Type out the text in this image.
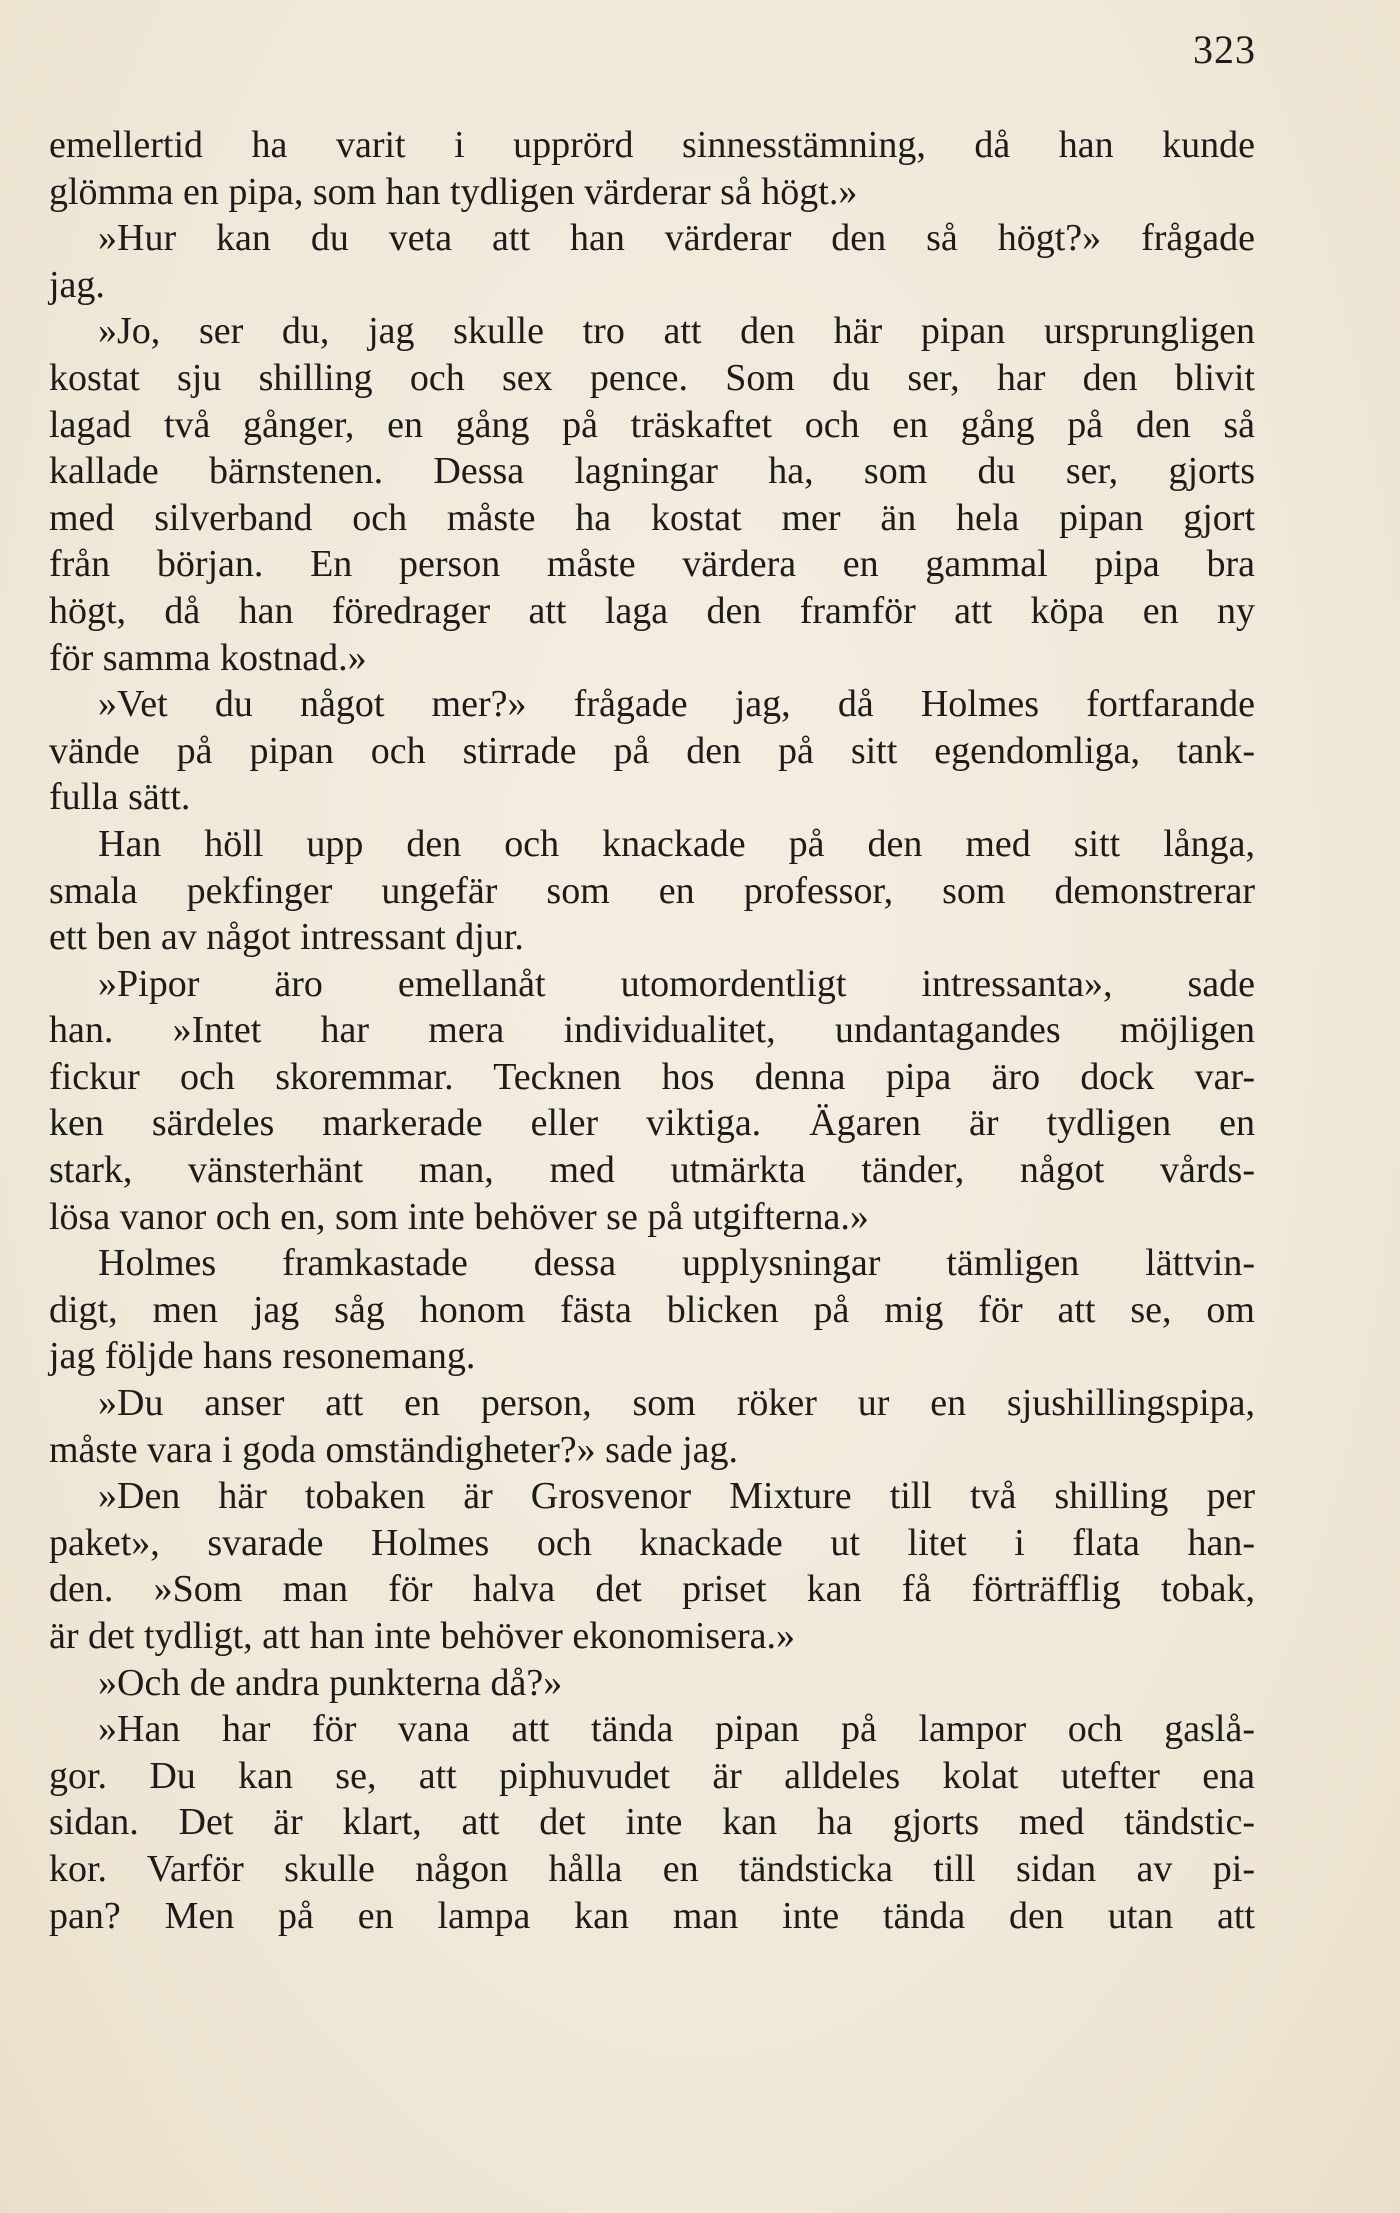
323
emellertid ha varit i upprörd sinnesstämning, då han kunde
glömma en pipa, som han tydligen värderar så högt.»
»Hur kan du veta att han värderar den så högt?» frågade
jag.
»Jo, ser du, jag skulle tro att den här pipan ursprungligen
kostat sju shilling och sex pence. Som du ser, har den blivit
lagad två gånger, en gång på träskaftet och en gång på den så
kallade bärnstenen. Dessa lagningar ha, som du ser, gjorts
med silverband och måste ha kostat mer än hela pipan gjort
från början. En person måste värdera en gammal pipa bra
högt, då han föredrager att laga den framför att köpa en ny
för samma kostnad.»
»Vet du något mer?» frågade jag, då Holmes fortfarande
vände på pipan och stirrade på den på sitt egendomliga, tank-
fulla sätt.
Han höll upp den och knackade på den med sitt långa,
smala pekfinger ungefär som en professor, som demonstrerar
ett ben av något intressant djur.
»Pipor äro emellanåt utomordentligt intressanta», sade
han. »Intet har mera individualitet, undantagandes möjligen
fickur och skoremmar. Tecknen hos denna pipa äro dock var-
ken särdeles markerade eller viktiga. Ägaren är tydligen en
stark, vänsterhänt man, med utmärkta tänder, något vårds-
lösa vanor och en, som inte behöver se på utgifterna.»
Holmes framkastade dessa upplysningar tämligen lättvin-
digt, men jag såg honom fästa blicken på mig för att se, om
jag följde hans resonemang.
»Du anser att en person, som röker ur en sjushillingspipa,
måste vara i goda omständigheter?» sade jag.
»Den här tobaken är Grosvenor Mixture till två shilling per
paket», svarade Holmes och knackade ut litet i flata han-
den. »Som man för halva det priset kan få förträfflig tobak,
är det tydligt, att han inte behöver ekonomisera.»
»Och de andra punkterna då?»
»Han har för vana att tända pipan på lampor och gaslå-
gor. Du kan se, att piphuvudet är alldeles kolat utefter ena
sidan. Det är klart, att det inte kan ha gjorts med tändstic-
kor. Varför skulle någon hålla en tändsticka till sidan av pi-
pan? Men på en lampa kan man inte tända den utan att
